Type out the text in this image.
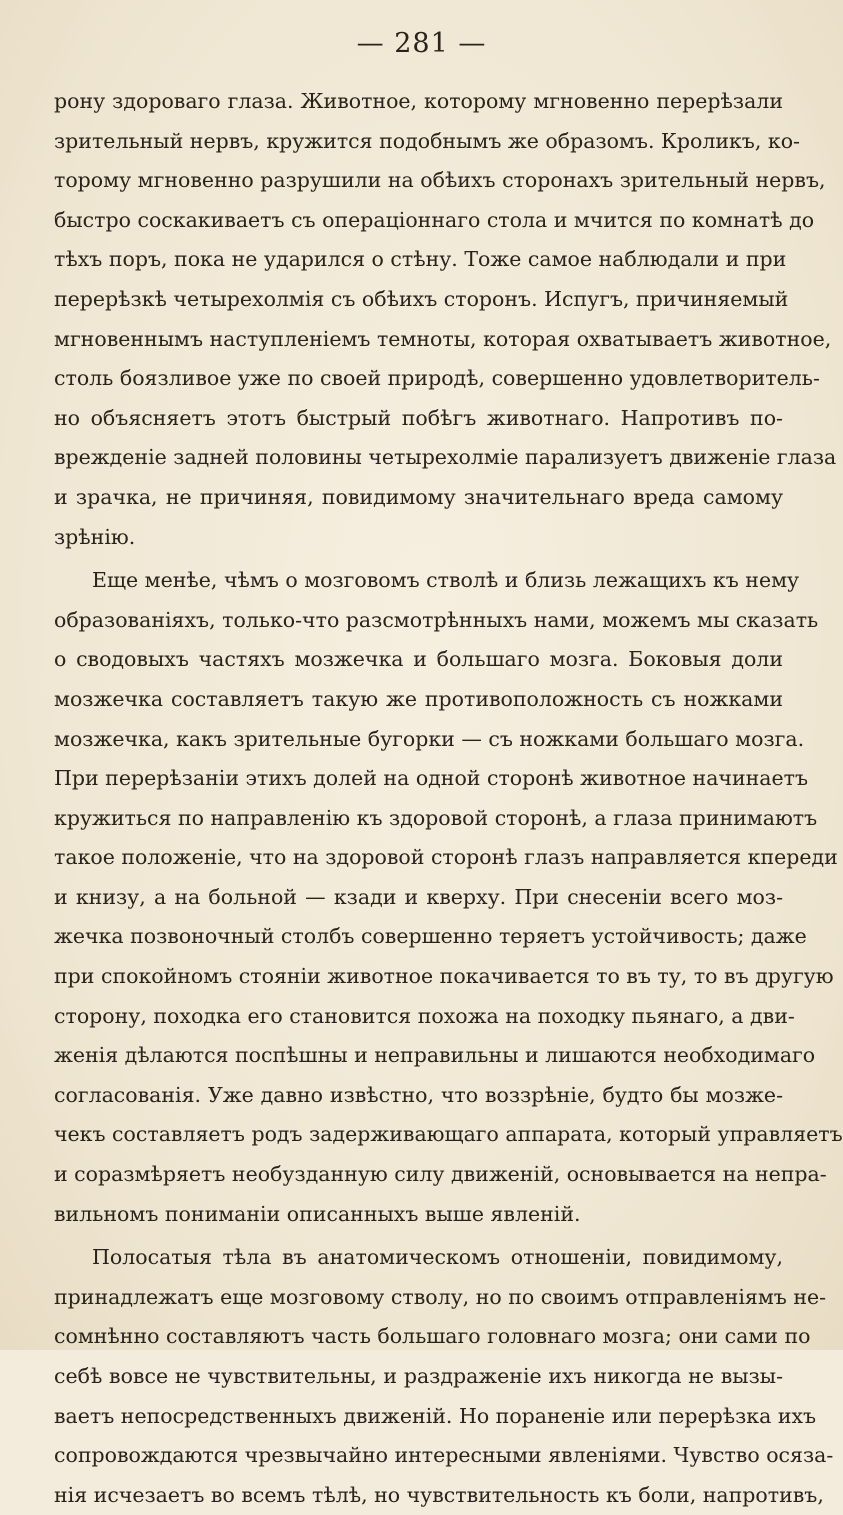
— 281 —
рону здороваго глаза. Животное, которому мгновенно перерѣзали
зрительный нервъ, кружится подобнымъ же образомъ. Кроликъ, ко-
торому мгновенно разрушили на обѣихъ сторонахъ зрительный нервъ,
быстро соскакиваетъ съ операціоннаго стола и мчится по комнатѣ до
тѣхъ поръ, пока не ударился о стѣну. Тоже самое наблюдали и при
перерѣзкѣ четырехолмія съ обѣихъ сторонъ. Испугъ, причиняемый
мгновеннымъ наступленіемъ темноты, которая охватываетъ животное,
столь боязливое уже по своей природѣ, совершенно удовлетворитель-
но объясняетъ этотъ быстрый побѣгъ животнаго. Напротивъ по-
врежденіе задней половины четырехолміе парализуетъ движеніе глаза
и зрачка, не причиняя, повидимому значительнаго вреда самому
зрѣнію.
Еще менѣе, чѣмъ о мозговомъ стволѣ и близь лежащихъ къ нему
образованіяхъ, только-что разсмотрѣнныхъ нами, можемъ мы сказать
о сводовыхъ частяхъ мозжечка и большаго мозга. Боковыя доли
мозжечка составляетъ такую же противоположность съ ножками
мозжечка, какъ зрительные бугорки — съ ножками большаго мозга.
При перерѣзаніи этихъ долей на одной сторонѣ животное начинаетъ
кружиться по направленію къ здоровой сторонѣ, а глаза принимаютъ
такое положеніе, что на здоровой сторонѣ глазъ направляется кпереди
и книзу, а на больной — кзади и кверху. При снесеніи всего моз-
жечка позвоночный столбъ совершенно теряетъ устойчивость; даже
при спокойномъ стояніи животное покачивается то въ ту, то въ другую
сторону, походка его становится похожа на походку пьянаго, а дви-
женія дѣлаются поспѣшны и неправильны и лишаются необходимаго
согласованія. Уже давно извѣстно, что воззрѣніе, будто бы мозже-
чекъ составляетъ родъ задерживающаго аппарата, который управляетъ
и соразмѣряетъ необузданную силу движеній, основывается на непра-
вильномъ пониманіи описанныхъ выше явленій.
Полосатыя тѣла въ анатомическомъ отношеніи, повидимому,
принадлежатъ еще мозговому стволу, но по своимъ отправленіямъ не-
сомнѣнно составляютъ часть большаго головнаго мозга; они сами по
себѣ вовсе не чувствительны, и раздраженіе ихъ никогда не вызы-
ваетъ непосредственныхъ движеній. Но пораненіе или перерѣзка ихъ
сопровождаются чрезвычайно интересными явленіями. Чувство осяза-
нія исчезаетъ во всемъ тѣлѣ, но чувствительность къ боли, напротивъ,
